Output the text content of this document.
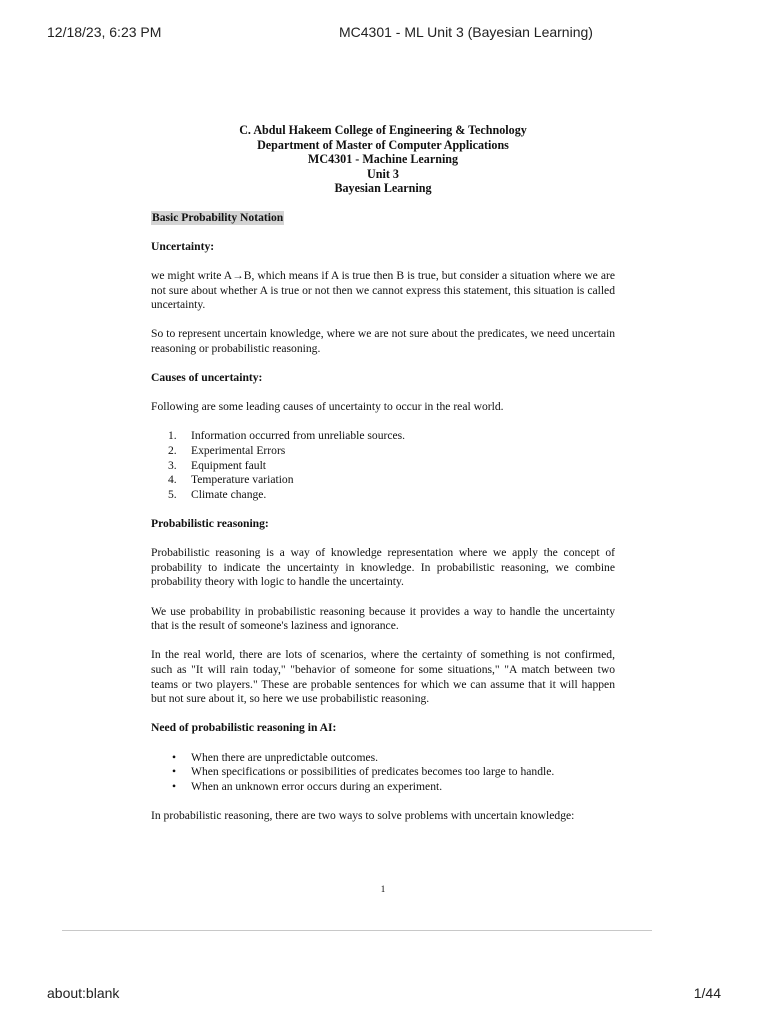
12/18/23, 6:23 PM	MC4301 - ML Unit 3 (Bayesian Learning)
C. Abdul Hakeem College of Engineering & Technology
Department of Master of Computer Applications
MC4301 - Machine Learning
Unit 3
Bayesian Learning
Basic Probability Notation
Uncertainty:

we might write A→B, which means if A is true then B is true, but consider a situation where we are not sure about whether A is true or not then we cannot express this statement, this situation is called uncertainty.

So to represent uncertain knowledge, where we are not sure about the predicates, we need uncertain reasoning or probabilistic reasoning.

Causes of uncertainty:

Following are some leading causes of uncertainty to occur in the real world.

1. Information occurred from unreliable sources.
2. Experimental Errors
3. Equipment fault
4. Temperature variation
5. Climate change.
Probabilistic reasoning:

Probabilistic reasoning is a way of knowledge representation where we apply the concept of probability to indicate the uncertainty in knowledge. In probabilistic reasoning, we combine probability theory with logic to handle the uncertainty.

We use probability in probabilistic reasoning because it provides a way to handle the uncertainty that is the result of someone's laziness and ignorance.

In the real world, there are lots of scenarios, where the certainty of something is not confirmed, such as "It will rain today," "behavior of someone for some situations," "A match between two teams or two players." These are probable sentences for which we can assume that it will happen but not sure about it, so here we use probabilistic reasoning.

Need of probabilistic reasoning in AI:
• When there are unpredictable outcomes.
• When specifications or possibilities of predicates becomes too large to handle.
• When an unknown error occurs during an experiment.

In probabilistic reasoning, there are two ways to solve problems with uncertain knowledge:

1
about:blank	1/44
